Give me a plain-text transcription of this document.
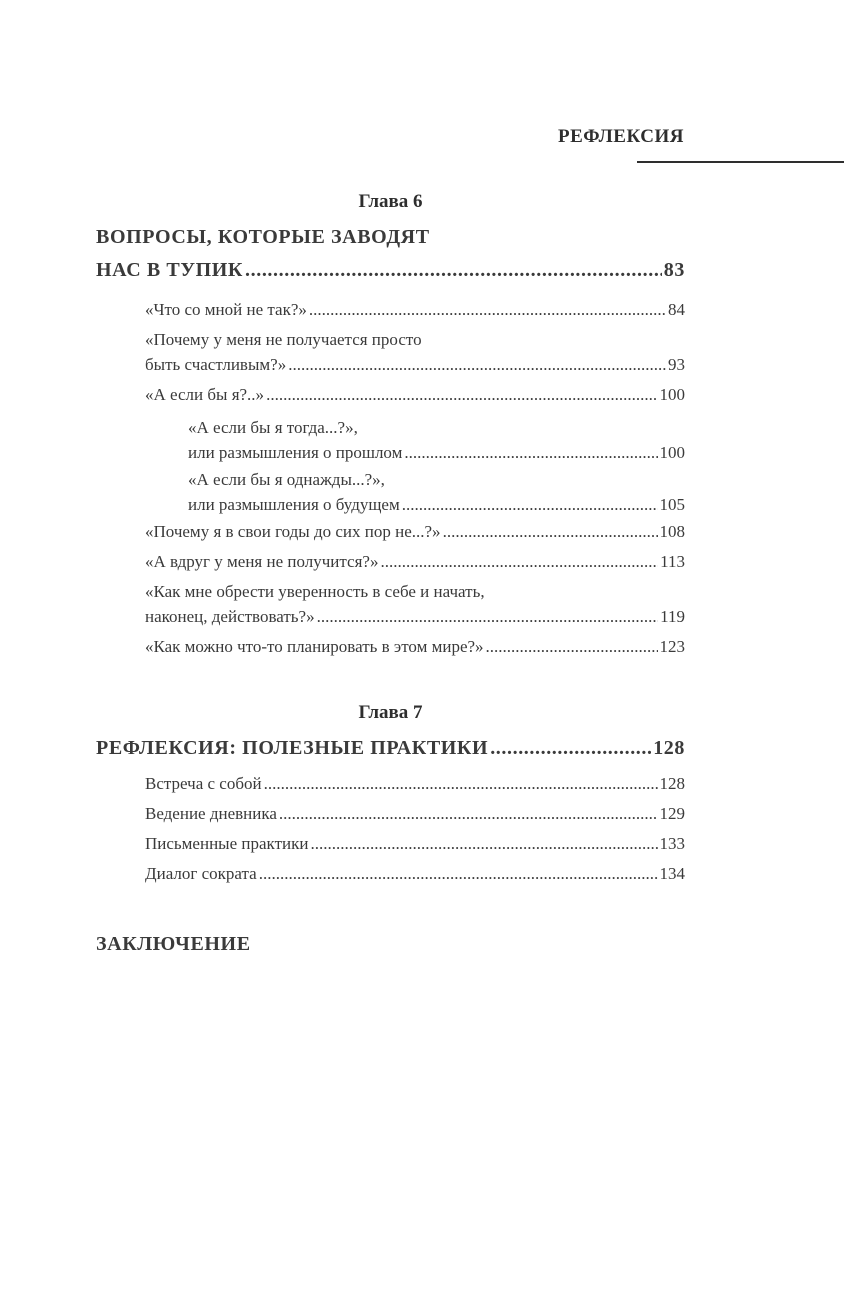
РЕФЛЕКСИЯ
Глава 6
ВОПРОСЫ, КОТОРЫЕ ЗАВОДЯТ
НАС В ТУПИК .....	83
«Что со мной не так?» .....	84
«Почему у меня не получается просто
быть счастливым?» .....	93
«А если бы я?..» .....	100
«А если бы я тогда...?»,
или размышления о прошлом .....	100
«А если бы я однажды...?»,
или размышления о будущем .....	105
«Почему я в свои годы до сих пор не...?» .....	108
«А вдруг у меня не получится?» .....	113
«Как мне обрести уверенность в себе и начать,
наконец, действовать?» .....	119
«Как можно что-то планировать в этом мире?» .....	123
Глава 7
РЕФЛЕКСИЯ: ПОЛЕЗНЫЕ ПРАКТИКИ .....	128
Встреча с собой .....	128
Ведение дневника .....	129
Письменные практики .....	133
Диалог сократа .....	134
ЗАКЛЮЧЕНИЕ
